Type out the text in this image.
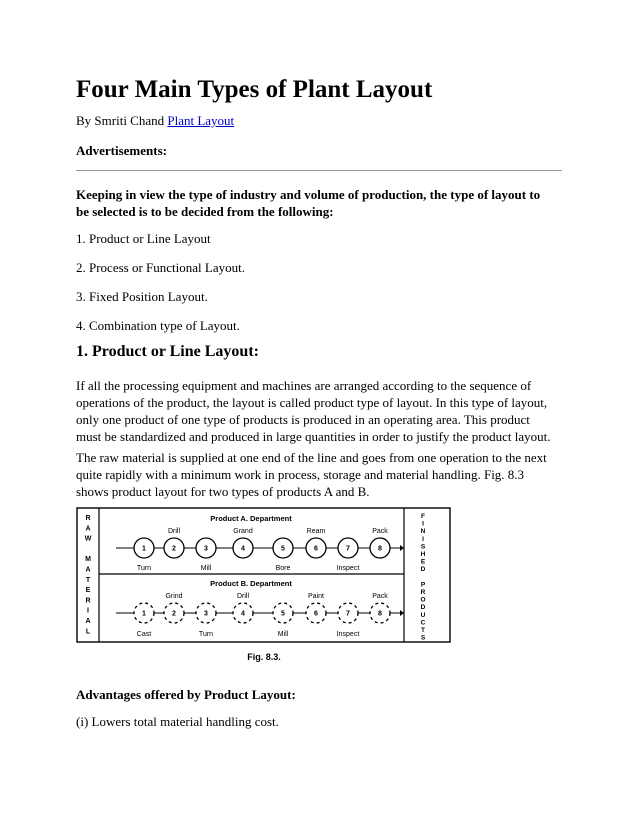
Four Main Types of Plant Layout
By Smriti Chand Plant Layout
Advertisements:
Keeping in view the type of industry and volume of production, the type of layout to be selected is to be decided from the following:
1. Product or Line Layout
2. Process or Functional Layout.
3. Fixed Position Layout.
4. Combination type of Layout.
1. Product or Line Layout:
If all the processing equipment and machines are arranged according to the sequence of operations of the product, the layout is called product type of layout. In this type of layout, only one product of one type of products is produced in an operating area. This product must be standardized and produced in large quantities in order to justify the product layout.
The raw material is supplied at one end of the line and goes from one operation to the next quite rapidly with a minimum work in process, storage and material handling. Fig. 8.3 shows product layout for two types of products A and B.
R
A
W
M
A
T
E
R
I
A
L
F
I
N
I
S
H
E
D
P
R
O
D
U
C
T
S
Product A. Department
Product B. Department
1	2	3	4	5	6	7	8
Drill	Grand	Ream	Pack
Turn	Mill	Bore	Inspect
1	2	3	4	5	6	7	8
Grind	Drill	Paint	Pack
Cast	Turn	Mill	Inspect
Fig. 8.3.
Advantages offered by Product Layout:
(i) Lowers total material handling cost.
